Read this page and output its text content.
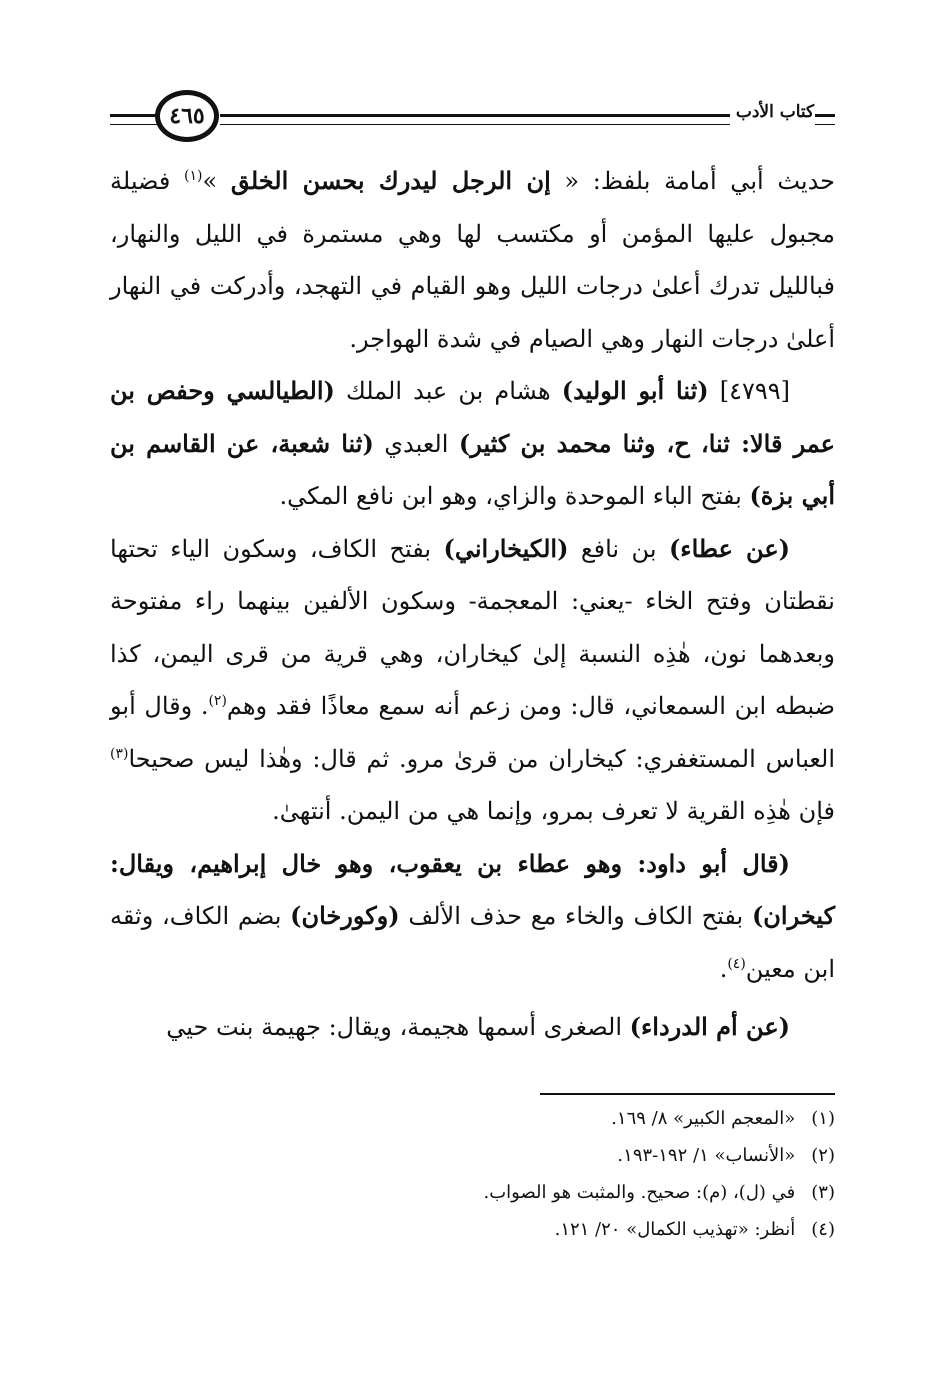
٤٦٥	كتاب الأدب

حديث أبي أمامة بلفظ: « إن الرجل ليدرك بحسن الخلق »$^{(١)}$ فضيلة مجبول عليها المؤمن أو مكتسب لها وهي مستمرة في الليل والنهار، فبالليل تدرك أعلىٰ درجات الليل وهو القيام في التهجد، وأدركت في النهار أعلىٰ درجات النهار وهي الصيام في شدة الهواجر.

[٤٧٩٩] (ثنا أبو الوليد) هشام بن عبد الملك (الطيالسي وحفص بن عمر قالا: ثنا، ح، وثنا محمد بن كثير) العبدي (ثنا شعبة، عن القاسم بن أبي بزة) بفتح الباء الموحدة والزاي، وهو ابن نافع المكي.

(عن عطاء) بن نافع (الكيخاراني) بفتح الكاف، وسكون الياء تحتها نقطتان وفتح الخاء -يعني: المعجمة- وسكون الألفين بينهما راء مفتوحة وبعدهما نون، هٰذِه النسبة إلىٰ كيخاران، وهي قرية من قرى اليمن، كذا ضبطه ابن السمعاني، قال: ومن زعم أنه سمع معاذًا فقد وهم$^{(٢)}$. وقال أبو العباس المستغفري: كيخاران من قرىٰ مرو. ثم قال: وهٰذا ليس صحيحا$^{(٣)}$ فإن هٰذِه القرية لا تعرف بمرو، وإنما هي من اليمن. أنتهىٰ.

(قال أبو داود: وهو عطاء بن يعقوب، وهو خال إبراهيم، ويقال: كيخران) بفتح الكاف والخاء مع حذف الألف (وكورخان) بضم الكاف، وثقه ابن معين$^{(٤)}$.

(عن أم الدرداء) الصغرى أسمها هجيمة، ويقال: جهيمة بنت حيي

(١) «المعجم الكبير» ٨/ ١٦٩.
(٢) «الأنساب» ١/ ١٩٢-١٩٣.
(٣) في (ل)، (م): صحيح. والمثبت هو الصواب.
(٤) أنظر: «تهذيب الكمال» ٢٠/ ١٢١.
